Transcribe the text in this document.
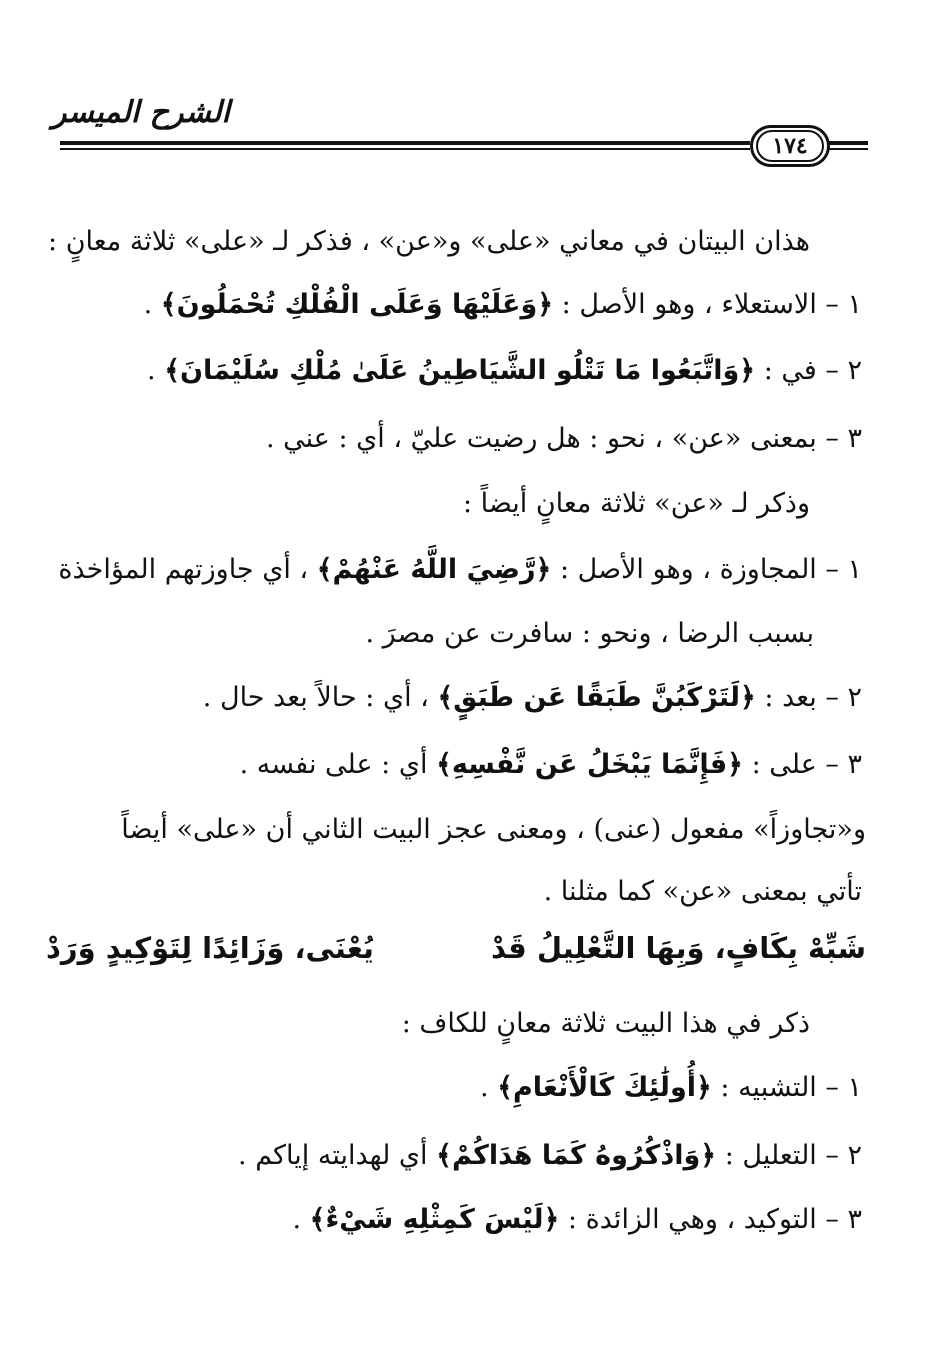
الشرح الميسر
١٧٤
هذان البيتان في معاني «على» و«عن» ، فذكر لـ «على» ثلاثة معانٍ :
١ – الاستعلاء ، وهو الأصل : ﴿وَعَلَيْهَا وَعَلَى الْفُلْكِ تُحْمَلُونَ﴾ .
٢ – في : ﴿وَاتَّبَعُوا مَا تَتْلُو الشَّيَاطِينُ عَلَىٰ مُلْكِ سُلَيْمَانَ﴾ .
٣ – بمعنى «عن» ، نحو : هل رضيت عليّ ، أي : عني .
وذكر لـ «عن» ثلاثة معانٍ أيضاً :
١ – المجاوزة ، وهو الأصل : ﴿رَّضِيَ اللَّهُ عَنْهُمْ﴾ ، أي جاوزتهم المؤاخذة
بسبب الرضا ، ونحو : سافرت عن مصرَ .
٢ – بعد : ﴿لَتَرْكَبُنَّ طَبَقًا عَن طَبَقٍ﴾ ، أي : حالاً بعد حال .
٣ – على : ﴿فَإِنَّمَا يَبْخَلُ عَن نَّفْسِهِ﴾ أي : على نفسه .
و«تجاوزاً» مفعول (عنى) ، ومعنى عجز البيت الثاني أن «على» أيضاً
تأتي بمعنى «عن» كما مثلنا .
شَبِّهْ بِكَافٍ، وَبِهَا التَّعْلِيلُ قَدْ
يُعْنَى، وَزَائِدًا لِتَوْكِيدٍ وَرَدْ
ذكر في هذا البيت ثلاثة معانٍ للكاف :
١ – التشبيه : ﴿أُولَٰئِكَ كَالْأَنْعَامِ﴾ .
٢ – التعليل : ﴿وَاذْكُرُوهُ كَمَا هَدَاكُمْ﴾ أي لهدايته إياكم .
٣ – التوكيد ، وهي الزائدة : ﴿لَيْسَ كَمِثْلِهِ شَيْءٌ﴾ .
